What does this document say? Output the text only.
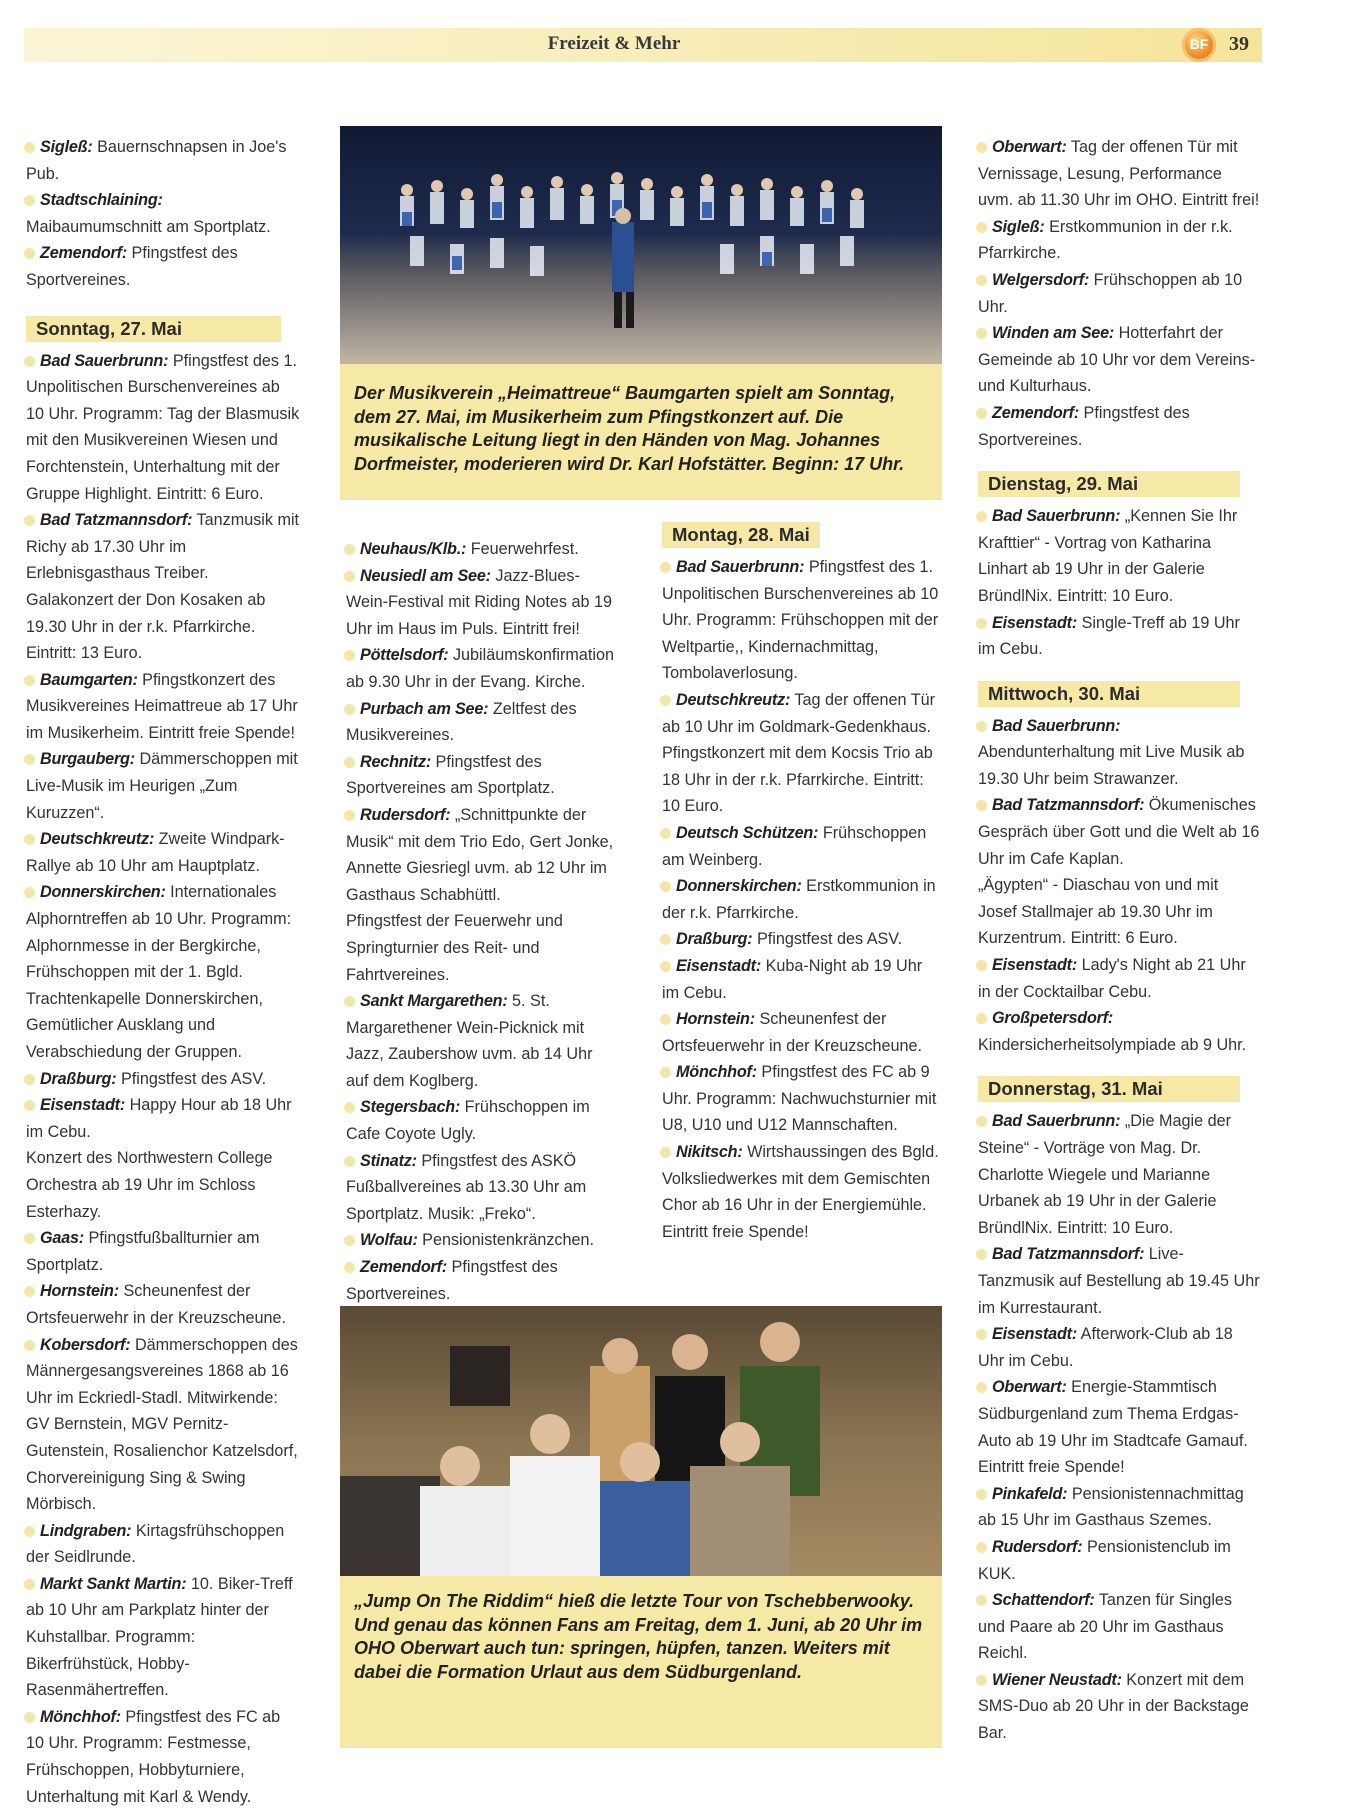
Freizeit & Mehr	BF	39

Sigleß: Bauernschnapsen in Joe's Pub.

Stadtschlaining: Maibaumumschnitt am Sportplatz.

Zemendorf: Pfingstfest des Sportvereines.

Sonntag, 27. Mai

Bad Sauerbrunn: Pfingstfest des 1. Unpolitischen Burschenvereines ab 10 Uhr. Programm: Tag der Blasmusik mit den Musikvereinen Wiesen und Forchtenstein, Unterhaltung mit der Gruppe Highlight. Eintritt: 6 Euro.

Bad Tatzmannsdorf: Tanzmusik mit Richy ab 17.30 Uhr im Erlebnisgasthaus Treiber.

Galakonzert der Don Kosaken ab 19.30 Uhr in der r.k. Pfarrkirche. Eintritt: 13 Euro.

Baumgarten: Pfingstkonzert des Musikvereines Heimattreue ab 17 Uhr im Musikerheim. Eintritt freie Spende!

Burgauberg: Dämmerschoppen mit Live-Musik im Heurigen „Zum Kuruzzen“.

Deutschkreutz: Zweite Windpark-Rallye ab 10 Uhr am Hauptplatz.

Donnerskirchen: Internationales Alphorntreffen ab 10 Uhr. Programm: Alphornmesse in der Bergkirche, Frühschoppen mit der 1. Bgld. Trachtenkapelle Donnerskirchen, Gemütlicher Ausklang und Verabschiedung der Gruppen.

Draßburg: Pfingstfest des ASV.

Eisenstadt: Happy Hour ab 18 Uhr im Cebu.

Konzert des Northwestern College Orchestra ab 19 Uhr im Schloss Esterhazy.

Gaas: Pfingstfußballturnier am Sportplatz.

Hornstein: Scheunenfest der Ortsfeuerwehr in der Kreuzscheune.

Kobersdorf: Dämmerschoppen des Männergesangsvereines 1868 ab 16 Uhr im Eckriedl-Stadl. Mitwirkende: GV Bernstein, MGV Pernitz-Gutenstein, Rosalienchor Katzelsdorf, Chorvereinigung Sing & Swing Mörbisch.

Lindgraben: Kirtagsfrühschoppen der Seidlrunde.

Markt Sankt Martin: 10. Biker-Treff ab 10 Uhr am Parkplatz hinter der Kuhstallbar. Programm: Bikerfrühstück, Hobby-Rasenmähertreffen.

Mönchhof: Pfingstfest des FC ab 10 Uhr. Programm: Festmesse, Frühschoppen, Hobbyturniere, Unterhaltung mit Karl & Wendy.

Der Musikverein „Heimattreue“ Baumgarten spielt am Sonntag, dem 27. Mai, im Musikerheim zum Pfingstkonzert auf. Die musikalische Leitung liegt in den Händen von Mag. Johannes Dorfmeister, moderieren wird Dr. Karl Hofstätter. Beginn: 17 Uhr.

Neuhaus/Klb.: Feuerwehrfest.

Neusiedl am See: Jazz-Blues-Wein-Festival mit Riding Notes ab 19 Uhr im Haus im Puls. Eintritt frei!

Pöttelsdorf: Jubiläumskonfirmation ab 9.30 Uhr in der Evang. Kirche.

Purbach am See: Zeltfest des Musikvereines.

Rechnitz: Pfingstfest des Sportvereines am Sportplatz.

Rudersdorf: „Schnittpunkte der Musik“ mit dem Trio Edo, Gert Jonke, Annette Giesriegl uvm. ab 12 Uhr im Gasthaus Schabhüttl.

Pfingstfest der Feuerwehr und Springturnier des Reit- und Fahrtvereines.

Sankt Margarethen: 5. St. Margarethener Wein-Picknick mit Jazz, Zaubershow uvm. ab 14 Uhr auf dem Koglberg.

Stegersbach: Frühschoppen im Cafe Coyote Ugly.

Stinatz: Pfingstfest des ASKÖ Fußballvereines ab 13.30 Uhr am Sportplatz. Musik: „Freko“.

Wolfau: Pensionistenkränzchen.

Zemendorf: Pfingstfest des Sportvereines.

Montag, 28. Mai

Bad Sauerbrunn: Pfingstfest des 1. Unpolitischen Burschenvereines ab 10 Uhr. Programm: Frühschoppen mit der Weltpartie,, Kindernachmittag, Tombolaverlosung.

Deutschkreutz: Tag der offenen Tür ab 10 Uhr im Goldmark-Gedenkhaus.

Pfingstkonzert mit dem Kocsis Trio ab 18 Uhr in der r.k. Pfarrkirche. Eintritt: 10 Euro.

Deutsch Schützen: Frühschoppen am Weinberg.

Donnerskirchen: Erstkommunion in der r.k. Pfarrkirche.

Draßburg: Pfingstfest des ASV.

Eisenstadt: Kuba-Night ab 19 Uhr im Cebu.

Hornstein: Scheunenfest der Ortsfeuerwehr in der Kreuzscheune.

Mönchhof: Pfingstfest des FC ab 9 Uhr. Programm: Nachwuchsturnier mit U8, U10 und U12 Mannschaften.

Nikitsch: Wirtshaussingen des Bgld. Volksliedwerkes mit dem Gemischten Chor ab 16 Uhr in der Energiemühle. Eintritt freie Spende!

„Jump On The Riddim“ hieß die letzte Tour von Tschebberwooky. Und genau das können Fans am Freitag, dem 1. Juni, ab 20 Uhr im OHO Oberwart auch tun: springen, hüpfen, tanzen. Weiters mit dabei die Formation Urlaut aus dem Südburgenland.

Oberwart: Tag der offenen Tür mit Vernissage, Lesung, Performance uvm. ab 11.30 Uhr im OHO. Eintritt frei!

Sigleß: Erstkommunion in der r.k. Pfarrkirche.

Welgersdorf: Frühschoppen ab 10 Uhr.

Winden am See: Hotterfahrt der Gemeinde ab 10 Uhr vor dem Vereins- und Kulturhaus.

Zemendorf: Pfingstfest des Sportvereines.

Dienstag, 29. Mai

Bad Sauerbrunn: „Kennen Sie Ihr Krafttier“ - Vortrag von Katharina Linhart ab 19 Uhr in der Galerie BründlNix. Eintritt: 10 Euro.

Eisenstadt: Single-Treff ab 19 Uhr im Cebu.

Mittwoch, 30. Mai

Bad Sauerbrunn: Abendunterhaltung mit Live Musik ab 19.30 Uhr beim Strawanzer.

Bad Tatzmannsdorf: Ökumenisches Gespräch über Gott und die Welt ab 16 Uhr im Cafe Kaplan.

„Ägypten“ - Diaschau von und mit Josef Stallmajer ab 19.30 Uhr im Kurzentrum. Eintritt: 6 Euro.

Eisenstadt: Lady's Night ab 21 Uhr in der Cocktailbar Cebu.

Großpetersdorf: Kindersicherheitsolympiade ab 9 Uhr.

Donnerstag, 31. Mai

Bad Sauerbrunn: „Die Magie der Steine“ - Vorträge von Mag. Dr. Charlotte Wiegele und Marianne Urbanek ab 19 Uhr in der Galerie BründlNix. Eintritt: 10 Euro.

Bad Tatzmannsdorf: Live-Tanzmusik auf Bestellung ab 19.45 Uhr im Kurrestaurant.

Eisenstadt: Afterwork-Club ab 18 Uhr im Cebu.

Oberwart: Energie-Stammtisch Südburgenland zum Thema Erdgas-Auto ab 19 Uhr im Stadtcafe Gamauf. Eintritt freie Spende!

Pinkafeld: Pensionistennachmittag ab 15 Uhr im Gasthaus Szemes.

Rudersdorf: Pensionistenclub im KUK.

Schattendorf: Tanzen für Singles und Paare ab 20 Uhr im Gasthaus Reichl.

Wiener Neustadt: Konzert mit dem SMS-Duo ab 20 Uhr in der Backstage Bar.
